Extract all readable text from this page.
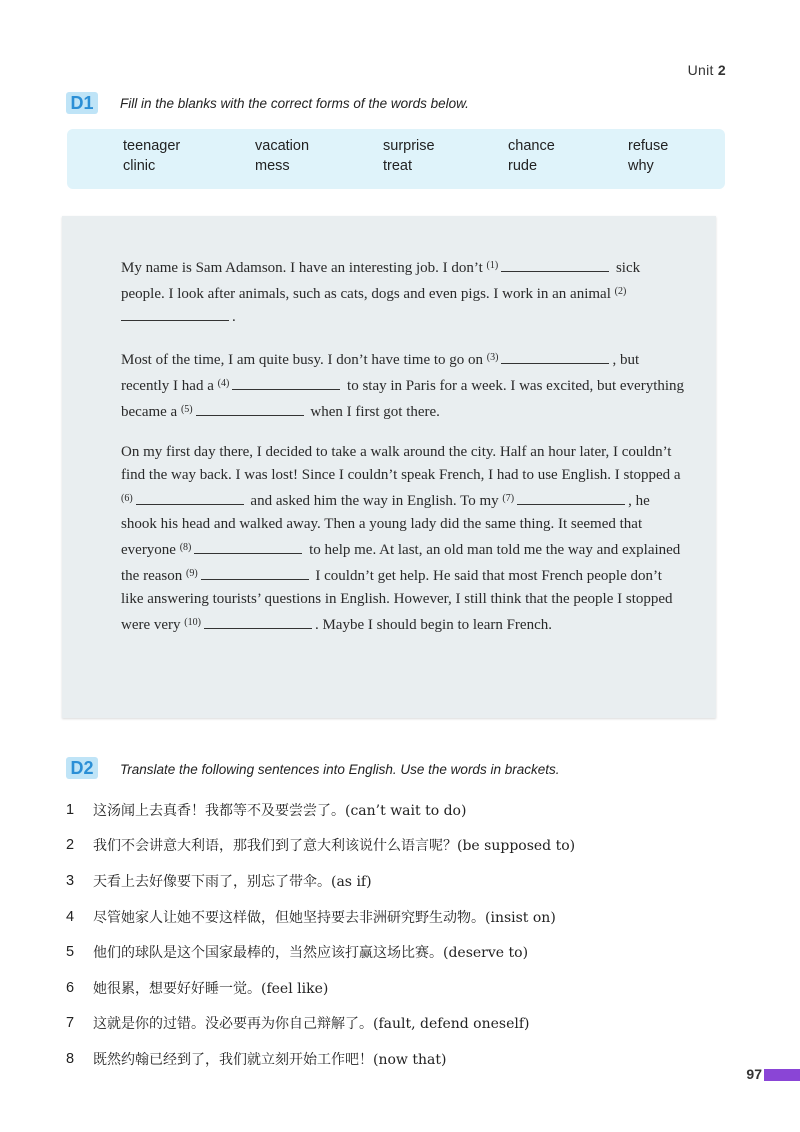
Unit 2
D1	Fill in the blanks with the correct forms of the words below.
teenager	vacation	surprise	chance	refuse
clinic	mess	treat	rude	why

My name is Sam Adamson. I have an interesting job. I don’t $^{(1)}$	sick people. I look after animals, such as cats, dogs and even pigs. I work in an animal $^{(2)}$.

Most of the time, I am quite busy. I don’t have time to go on $^{(3)}$	, but recently I had a $^{(4)}$	to stay in Paris for a week. I was excited, but everything became a $^{(5)}$	when I first got there.

On my first day there, I decided to take a walk around the city. Half an hour later, I couldn’t find the way back. I was lost! Since I couldn’t speak French, I had to use English. I stopped a $^{(6)}$	and asked him the way in English. To my $^{(7)}$	, he shook his head and walked away. Then a young lady did the same thing. It seemed that everyone $^{(8)}$	to help me. At last, an old man told me the way and explained the reason $^{(9)}$	I couldn’t get help. He said that most French people don’t like answering tourists’ questions in English. However, I still think that the people I stopped were very $^{(10)}$	. Maybe I should begin to learn French.

D2	Translate the following sentences into English. Use the words in brackets.
1	这汤闻上去真香！我都等不及要尝尝了。(can’t wait to do)
2	我们不会讲意大利语，那我们到了意大利该说什么语言呢？(be supposed to)
3	天看上去好像要下雨了，别忘了带伞。(as if)
4	尽管她家人让她不要这样做，但她坚持要去非洲研究野生动物。(insist on)
5	他们的球队是这个国家最棒的，当然应该打赢这场比赛。(deserve to)
6	她很累，想要好好睡一觉。(feel like)
7	这就是你的过错。没必要再为你自己辩解了。(fault, defend oneself)
8	既然约翰已经到了，我们就立刻开始工作吧！(now that)
97
